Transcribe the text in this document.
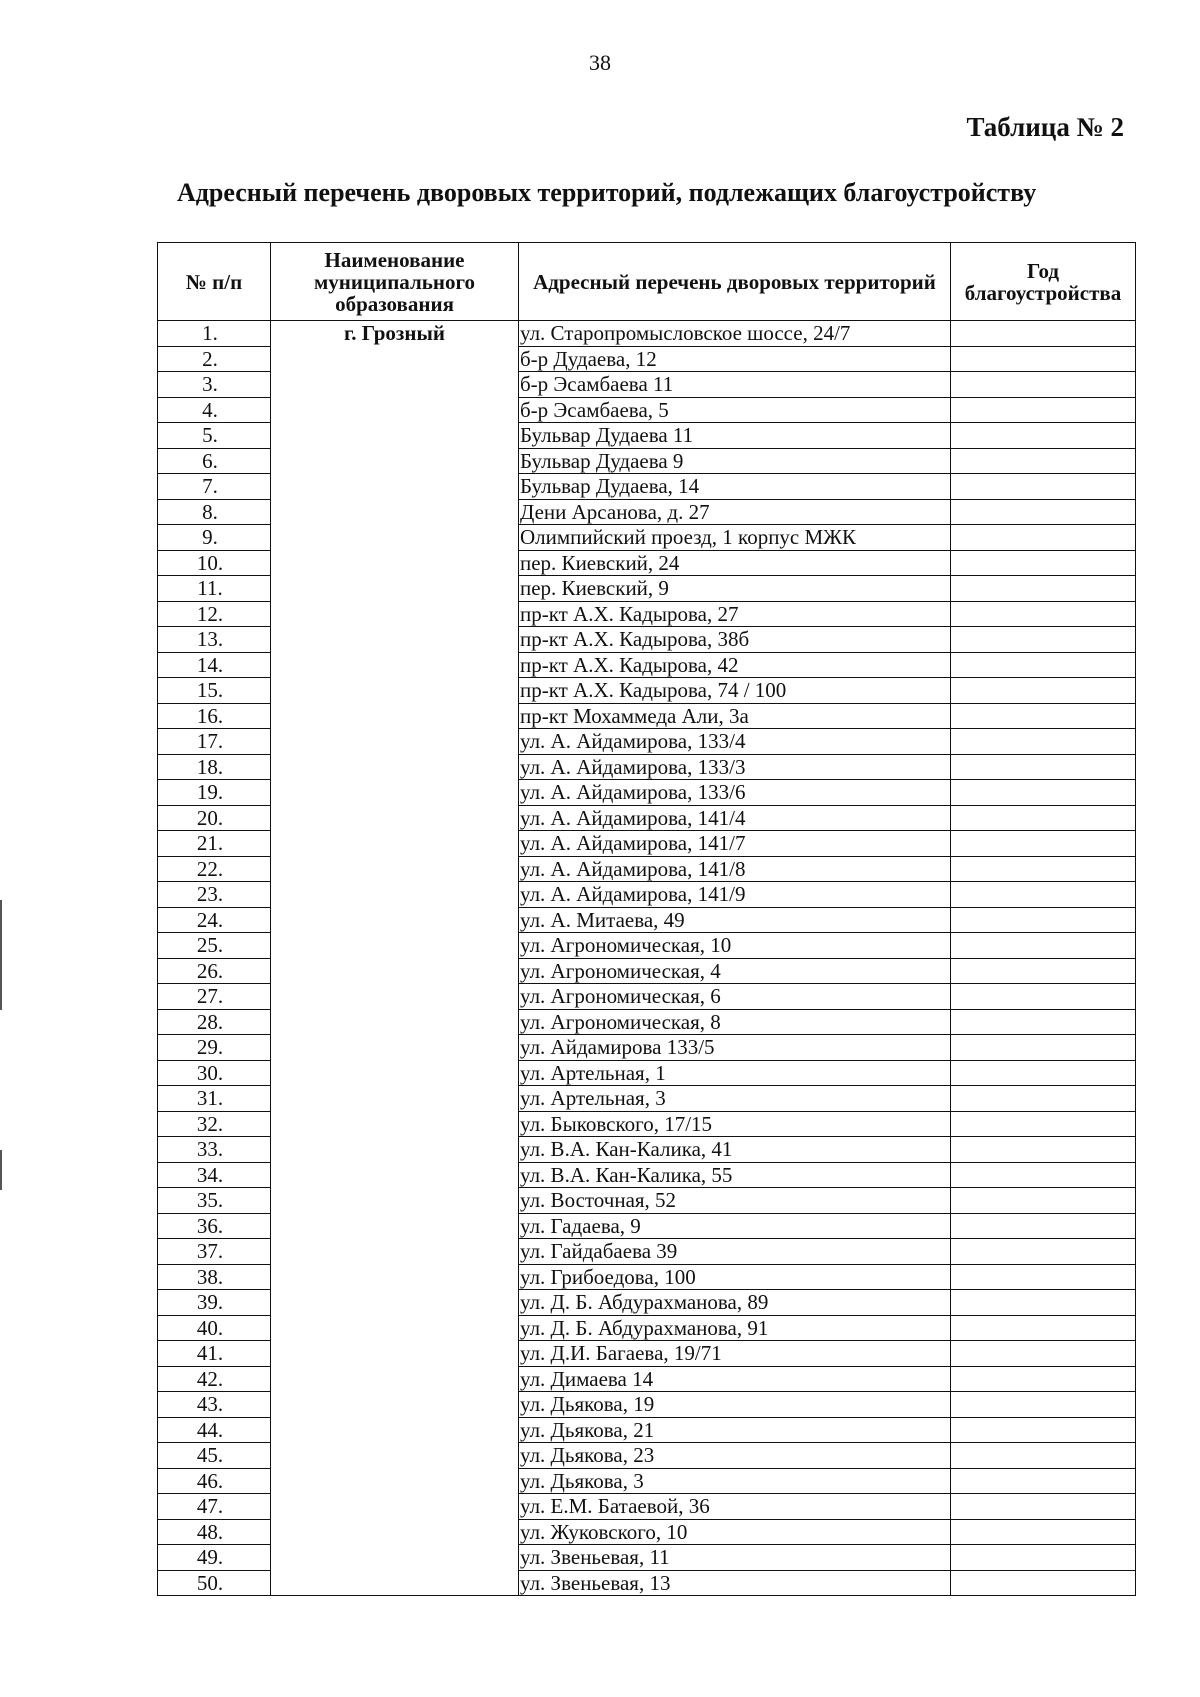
38
Таблица № 2
Адресный перечень дворовых территорий, подлежащих благоустройству
№ п/п	Наименование муниципального образования	Адресный перечень дворовых территорий	Год благоустройства
1.	г. Грозный	ул. Старопромысловское шоссе, 24/7	
2.		б-р Дудаева, 12	
3.		б-р Эсамбаева 11	
4.		б-р Эсамбаева, 5	
5.		Бульвар Дудаева 11	
6.		Бульвар Дудаева 9	
7.		Бульвар Дудаева, 14	
8.		Дени Арсанова, д. 27	
9.		Олимпийский проезд, 1 корпус МЖК	
10.		пер. Киевский, 24	
11.		пер. Киевский, 9	
12.		пр-кт А.Х. Кадырова, 27	
13.		пр-кт А.Х. Кадырова, 38б	
14.		пр-кт А.Х. Кадырова, 42	
15.		пр-кт А.Х. Кадырова, 74 / 100	
16.		пр-кт Мохаммеда Али, 3а	
17.		ул. А. Айдамирова, 133/4	
18.		ул. А. Айдамирова, 133/3	
19.		ул. А. Айдамирова, 133/6	
20.		ул. А. Айдамирова, 141/4	
21.		ул. А. Айдамирова, 141/7	
22.		ул. А. Айдамирова, 141/8	
23.		ул. А. Айдамирова, 141/9	
24.		ул. А. Митаева, 49	
25.		ул. Агрономическая, 10	
26.		ул. Агрономическая, 4	
27.		ул. Агрономическая, 6	
28.		ул. Агрономическая, 8	
29.		ул. Айдамирова 133/5	
30.		ул. Артельная, 1	
31.		ул. Артельная, 3	
32.		ул. Быковского, 17/15	
33.		ул. В.А. Кан-Калика, 41	
34.		ул. В.А. Кан-Калика, 55	
35.		ул. Восточная, 52	
36.		ул. Гадаева, 9	
37.		ул. Гайдабаева 39	
38.		ул. Грибоедова, 100	
39.		ул. Д. Б. Абдурахманова, 89	
40.		ул. Д. Б. Абдурахманова, 91	
41.		ул. Д.И. Багаева, 19/71	
42.		ул. Димаева 14	
43.		ул. Дьякова, 19	
44.		ул. Дьякова, 21	
45.		ул. Дьякова, 23	
46.		ул. Дьякова, 3	
47.		ул. Е.М. Батаевой, 36	
48.		ул. Жуковского, 10	
49.		ул. Звеньевая, 11	
50.		ул. Звеньевая, 13	
